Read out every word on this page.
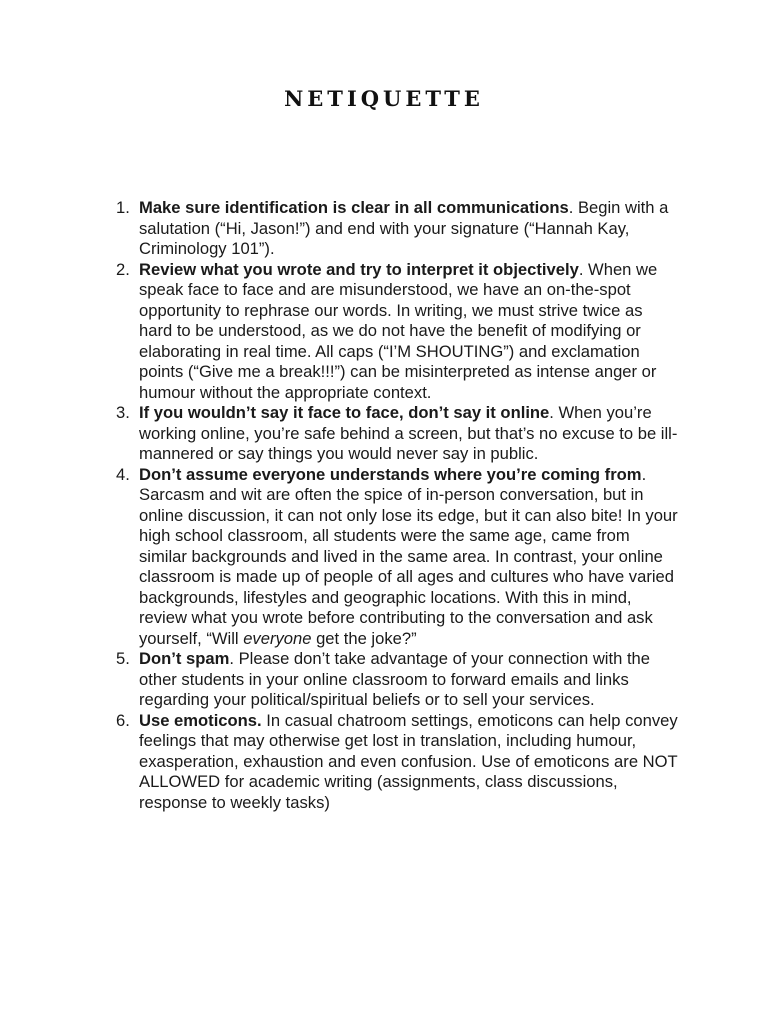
NETIQUETTE
1. Make sure identification is clear in all communications. Begin with a salutation (“Hi, Jason!”) and end with your signature (“Hannah Kay, Criminology 101”).
2. Review what you wrote and try to interpret it objectively. When we speak face to face and are misunderstood, we have an on-the-spot opportunity to rephrase our words. In writing, we must strive twice as hard to be understood, as we do not have the benefit of modifying or elaborating in real time. All caps (“I’M SHOUTING”) and exclamation points (“Give me a break!!!”) can be misinterpreted as intense anger or humour without the appropriate context.
3. If you wouldn’t say it face to face, don’t say it online. When you’re working online, you’re safe behind a screen, but that’s no excuse to be ill-mannered or say things you would never say in public.
4. Don’t assume everyone understands where you’re coming from. Sarcasm and wit are often the spice of in-person conversation, but in online discussion, it can not only lose its edge, but it can also bite! In your high school classroom, all students were the same age, came from similar backgrounds and lived in the same area. In contrast, your online classroom is made up of people of all ages and cultures who have varied backgrounds, lifestyles and geographic locations. With this in mind, review what you wrote before contributing to the conversation and ask yourself, “Will everyone get the joke?”
5. Don’t spam. Please don’t take advantage of your connection with the other students in your online classroom to forward emails and links regarding your political/spiritual beliefs or to sell your services.
6. Use emoticons. In casual chatroom settings, emoticons can help convey feelings that may otherwise get lost in translation, including humour, exasperation, exhaustion and even confusion. Use of emoticons are NOT ALLOWED for academic writing (assignments, class discussions, response to weekly tasks)
